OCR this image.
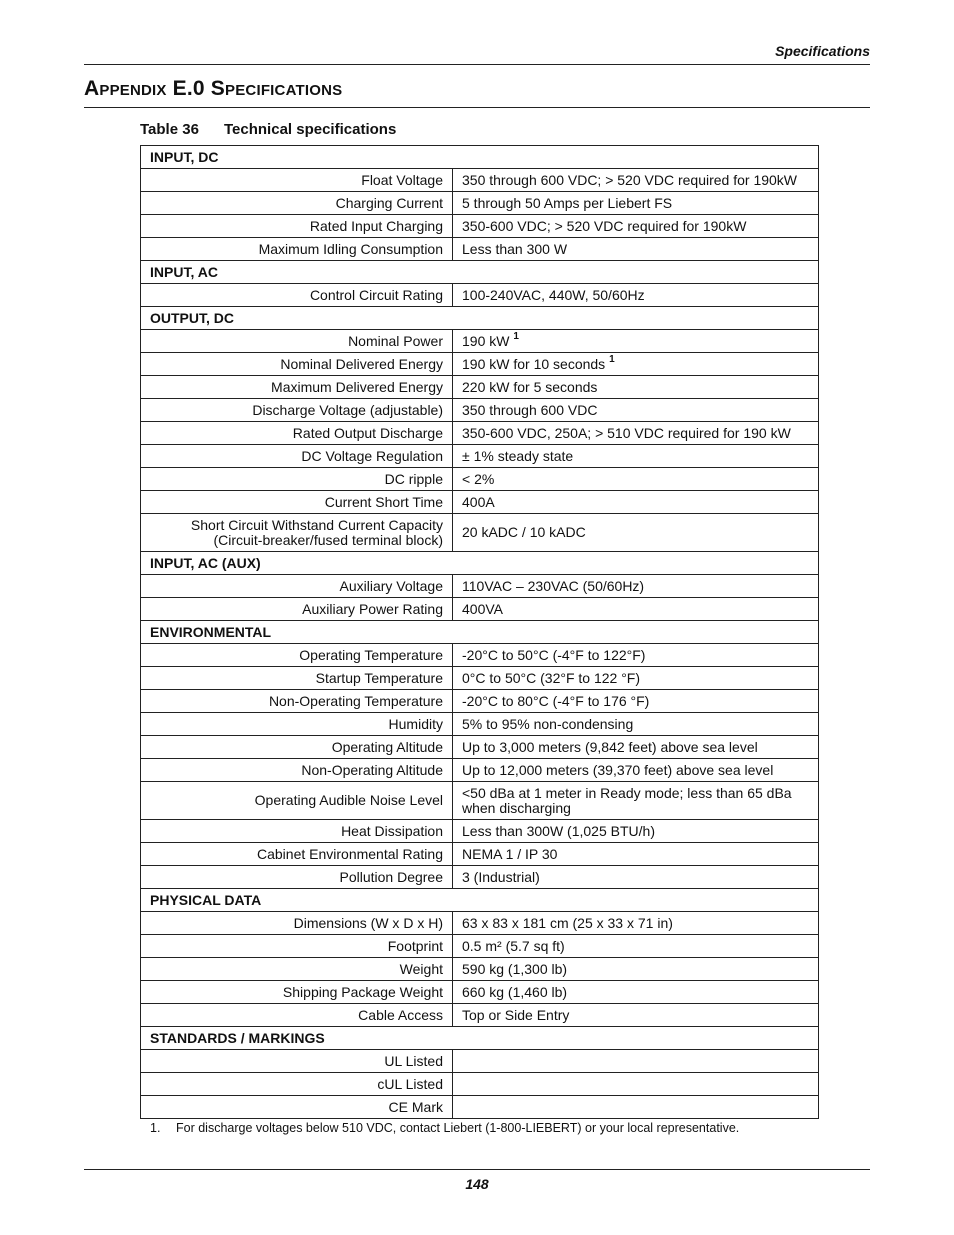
Specifications
Appendix E.0 Specifications
Table 36 Technical specifications
INPUT, DC	
Float Voltage	350 through 600 VDC; > 520 VDC required for 190kW
Charging Current	5 through 50 Amps per Liebert FS
Rated Input Charging	350-600 VDC; > 520 VDC required for 190kW
Maximum Idling Consumption	Less than 300 W
INPUT, AC	
Control Circuit Rating	100-240VAC, 440W, 50/60Hz
OUTPUT, DC	
Nominal Power	190 kW $^1$
Nominal Delivered Energy	190 kW for 10 seconds $^1$
Maximum Delivered Energy	220 kW for 5 seconds
Discharge Voltage (adjustable)	350 through 600 VDC
Rated Output Discharge	350-600 VDC, 250A; > 510 VDC required for 190 kW
DC Voltage Regulation	± 1% steady state
DC ripple	< 2%
Current Short Time	400A
Short Circuit Withstand Current Capacity
(Circuit-breaker/fused terminal block)	20 kADC / 10 kADC
INPUT, AC (AUX)	
Auxiliary Voltage	110VAC – 230VAC (50/60Hz)
Auxiliary Power Rating	400VA
ENVIRONMENTAL	
Operating Temperature	-20°C to 50°C (-4°F to 122°F)
Startup Temperature	0°C to 50°C (32°F to 122 °F)
Non-Operating Temperature	-20°C to 80°C (-4°F to 176 °F)
Humidity	5% to 95% non-condensing
Operating Altitude	Up to 3,000 meters (9,842 feet) above sea level
Non-Operating Altitude	Up to 12,000 meters (39,370 feet) above sea level
Operating Audible Noise Level	<50 dBa at 1 meter in Ready mode; less than 65 dBa when discharging
Heat Dissipation	Less than 300W (1,025 BTU/h)
Cabinet Environmental Rating	NEMA 1 / IP 30
Pollution Degree	3 (Industrial)
PHYSICAL DATA	
Dimensions (W x D x H)	63 x 83 x 181 cm (25 x 33 x 71 in)
Footprint	0.5 m² (5.7 sq ft)
Weight	590 kg (1,300 lb)
Shipping Package Weight	660 kg (1,460 lb)
Cable Access	Top or Side Entry
STANDARDS / MARKINGS	
UL Listed	
cUL Listed	
CE Mark	
1. For discharge voltages below 510 VDC, contact Liebert (1-800-LIEBERT) or your local representative.
148
